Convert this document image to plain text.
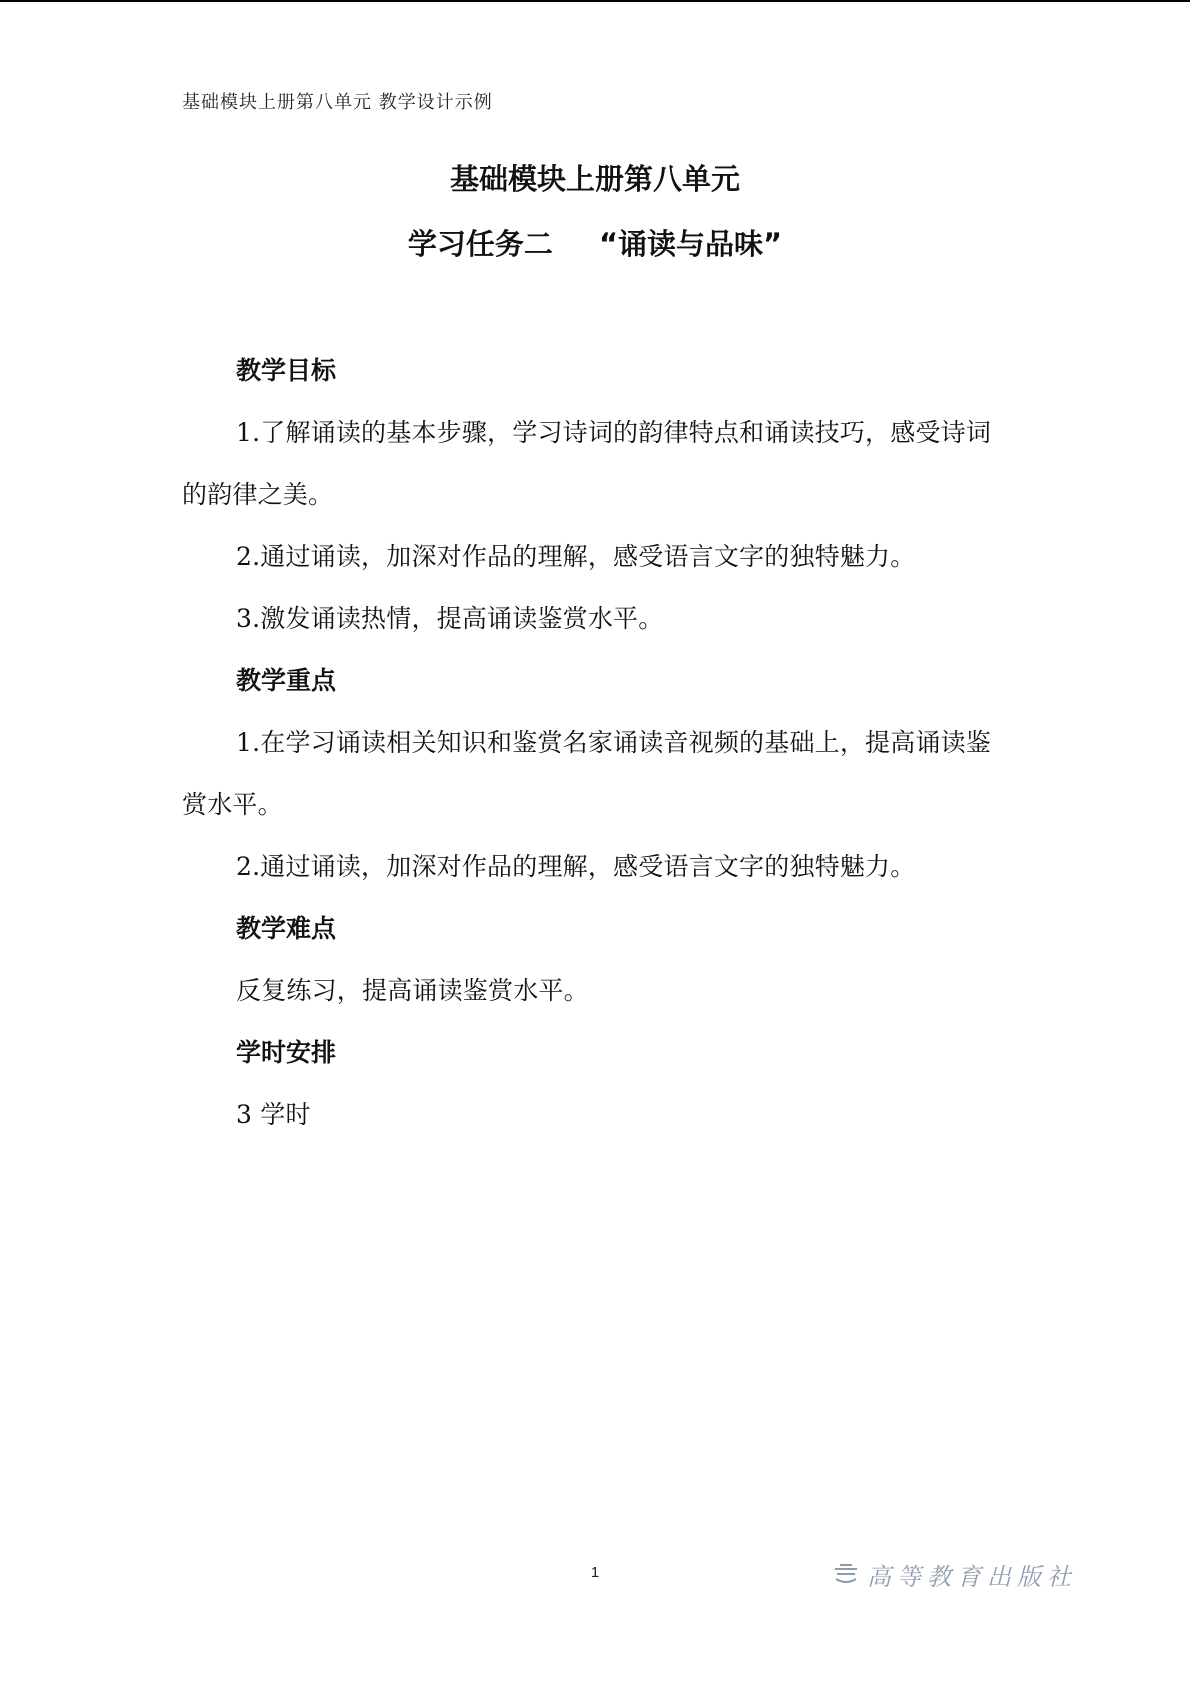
基础模块上册第八单元 教学设计示例
基础模块上册第八单元
学习任务二 “诵读与品味”

教学目标

1.了解诵读的基本步骤，学习诗词的韵律特点和诵读技巧，感受诗词的韵律之美。

2.通过诵读，加深对作品的理解，感受语言文字的独特魅力。

3.激发诵读热情，提高诵读鉴赏水平。

教学重点

1.在学习诵读相关知识和鉴赏名家诵读音视频的基础上，提高诵读鉴赏水平。

2.通过诵读，加深对作品的理解，感受语言文字的独特魅力。

教学难点

反复练习，提高诵读鉴赏水平。

学时安排

3 学时

1	高等教育出版社
